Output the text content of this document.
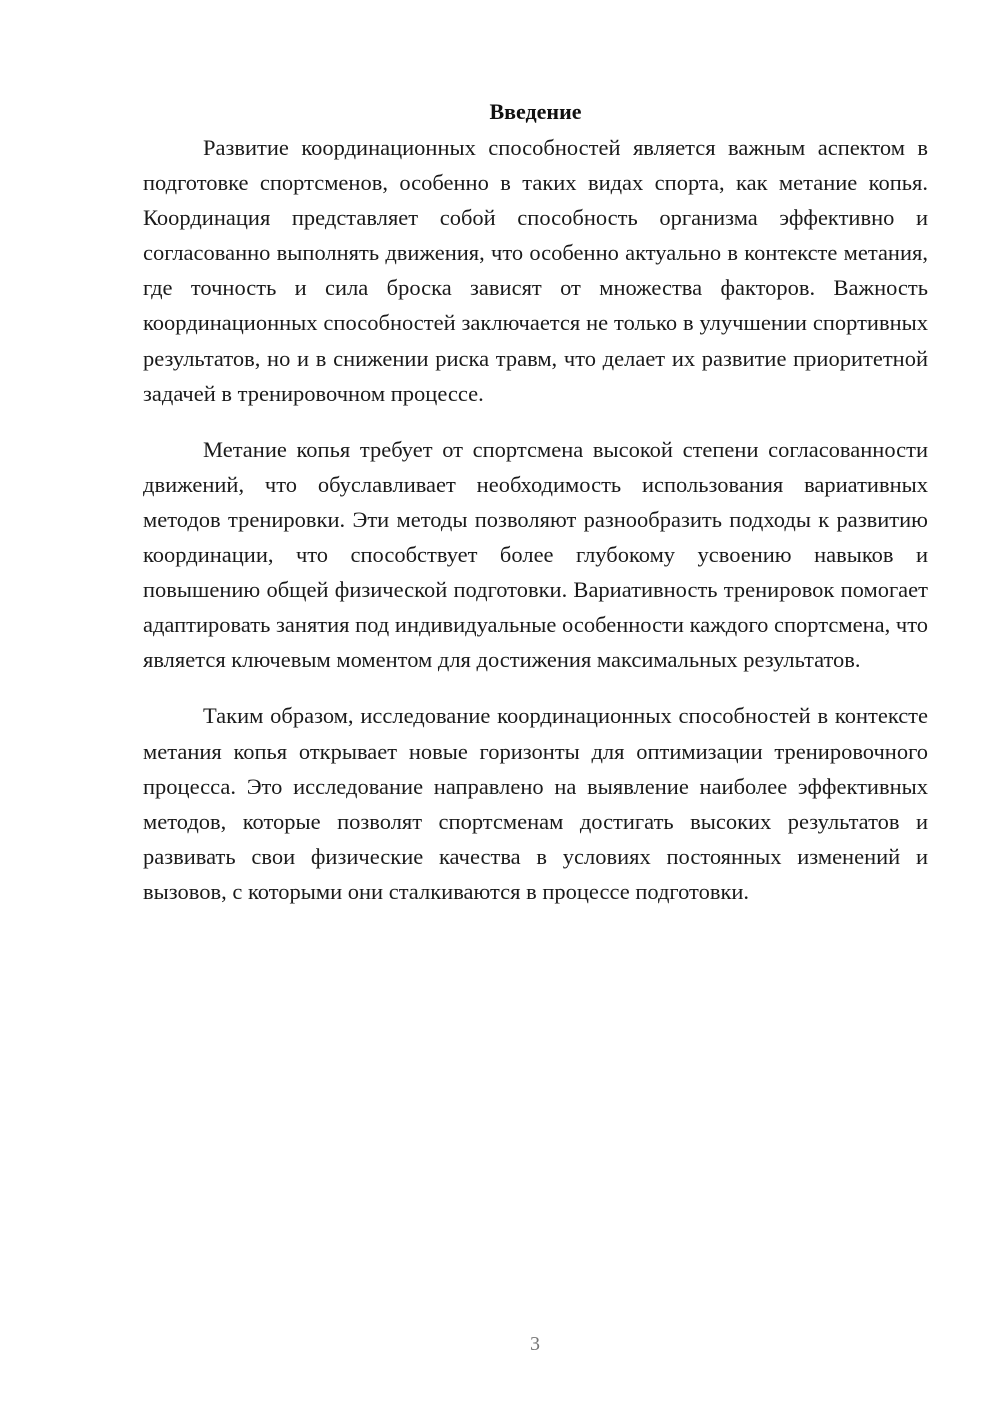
Введение

Развитие координационных способностей является важным аспектом в подготовке спортсменов, особенно в таких видах спорта, как метание копья. Координация представляет собой способность организма эффективно и согласованно выполнять движения, что особенно актуально в контексте метания, где точность и сила броска зависят от множества факторов. Важность координационных способностей заключается не только в улучшении спортивных результатов, но и в снижении риска травм, что делает их развитие приоритетной задачей в тренировочном процессе.

Метание копья требует от спортсмена высокой степени согласованности движений, что обуславливает необходимость использования вариативных методов тренировки. Эти методы позволяют разнообразить подходы к развитию координации, что способствует более глубокому усвоению навыков и повышению общей физической подготовки. Вариативность тренировок помогает адаптировать занятия под индивидуальные особенности каждого спортсмена, что является ключевым моментом для достижения максимальных результатов.

Таким образом, исследование координационных способностей в контексте метания копья открывает новые горизонты для оптимизации тренировочного процесса. Это исследование направлено на выявление наиболее эффективных методов, которые позволят спортсменам достигать высоких результатов и развивать свои физические качества в условиях постоянных изменений и вызовов, с которыми они сталкиваются в процессе подготовки.

3
